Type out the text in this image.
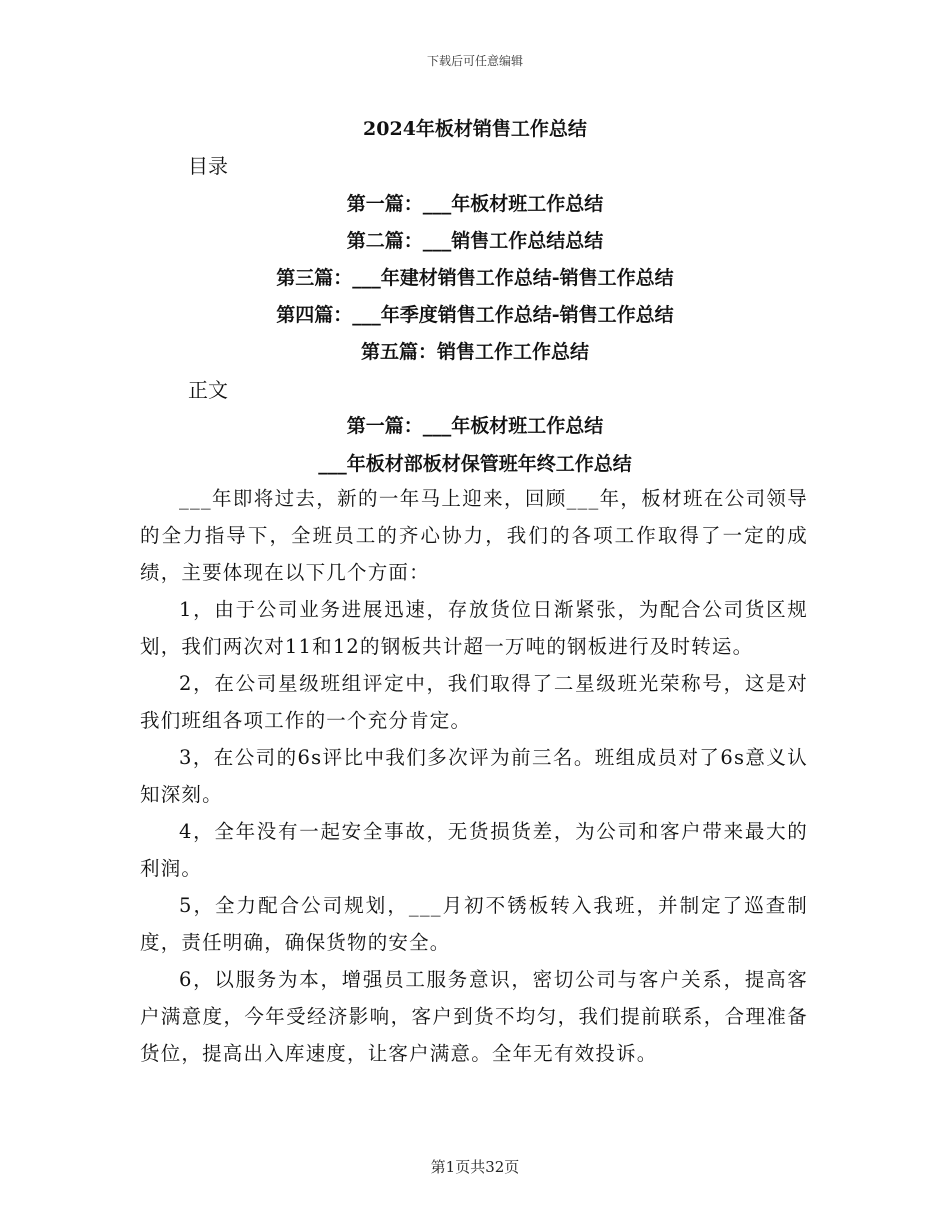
下载后可任意编辑
2024年板材销售工作总结
目录
第一篇：___年板材班工作总结
第二篇：___销售工作总结总结
第三篇：___年建材销售工作总结-销售工作总结
第四篇：___年季度销售工作总结-销售工作总结
第五篇：销售工作工作总结
正文
第一篇：___年板材班工作总结
___年板材部板材保管班年终工作总结

___年即将过去，新的一年马上迎来，回顾___年，板材班在公司领导的全力指导下，全班员工的齐心协力，我们的各项工作取得了一定的成绩，主要体现在以下几个方面：

1，由于公司业务进展迅速，存放货位日渐紧张，为配合公司货区规划，我们两次对11和12的钢板共计超一万吨的钢板进行及时转运。

2，在公司星级班组评定中，我们取得了二星级班光荣称号，这是对我们班组各项工作的一个充分肯定。

3，在公司的6s评比中我们多次评为前三名。班组成员对了6s意义认知深刻。

4，全年没有一起安全事故，无货损货差，为公司和客户带来最大的利润。

5，全力配合公司规划，___月初不锈板转入我班，并制定了巡查制度，责任明确，确保货物的安全。

6，以服务为本，增强员工服务意识，密切公司与客户关系，提高客户满意度，今年受经济影响，客户到货不均匀，我们提前联系，合理准备货位，提高出入库速度，让客户满意。全年无有效投诉。

第1页共32页
